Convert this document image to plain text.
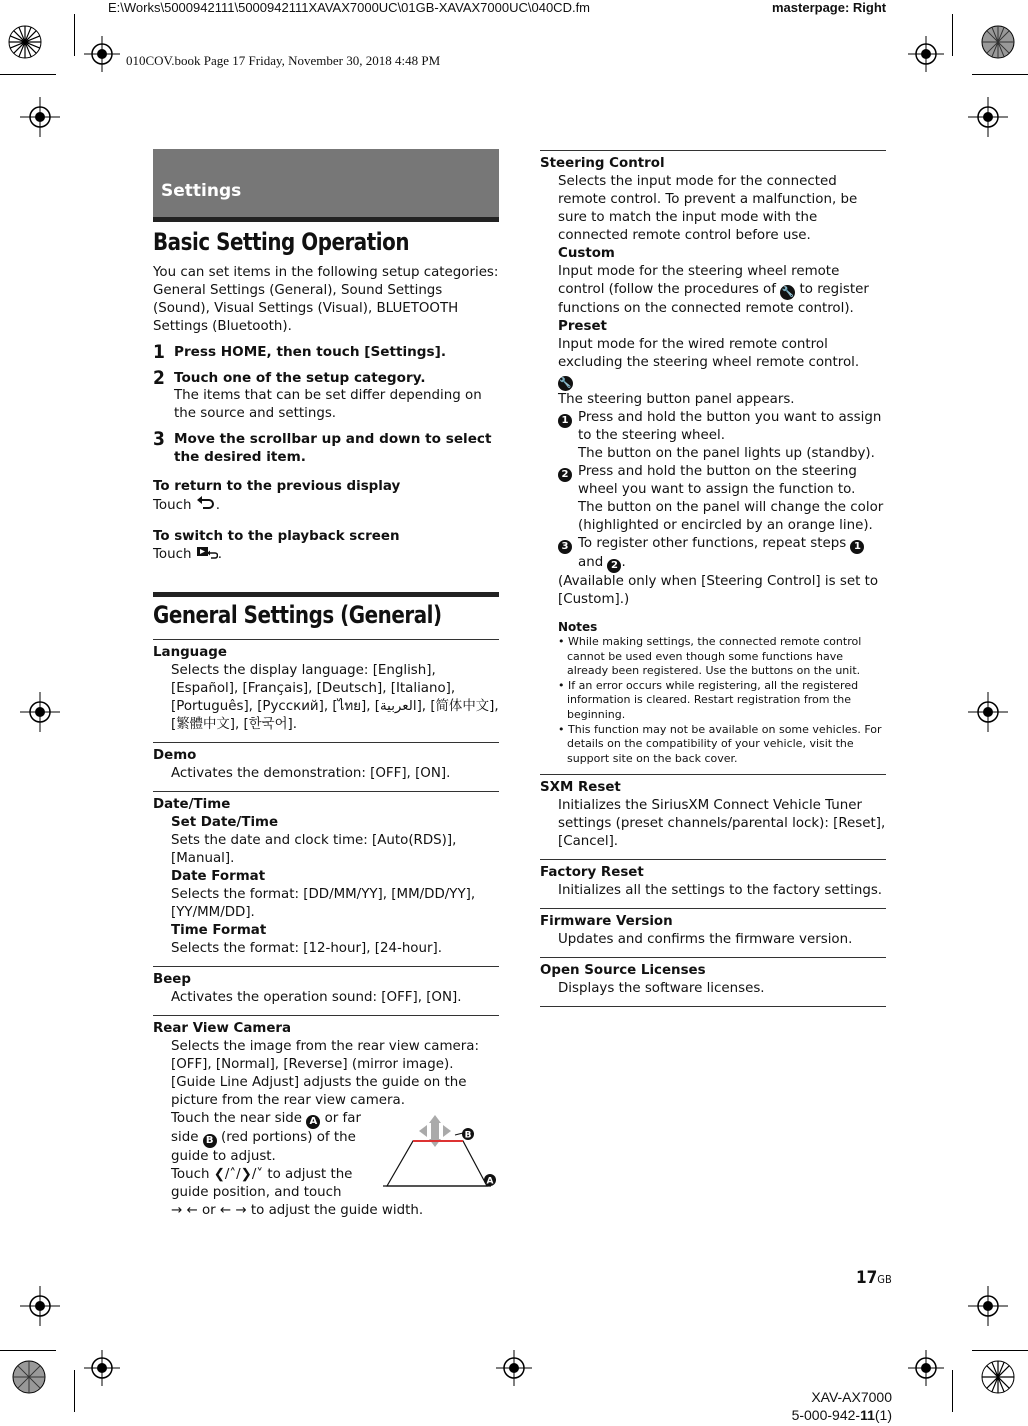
E:\Works\5000942111\5000942111XAVAX7000UC\01GB-XAVAX7000UC\040CD.fm	masterpage: Right
010COV.book Page 17 Friday, November 30, 2018 4:48 PM
Settings
Basic Setting Operation

You can set items in the following setup categories: General Settings (General), Sound Settings (Sound), Visual Settings (Visual), BLUETOOTH Settings (Bluetooth).

1 Press HOME, then touch [Settings].
2 Touch one of the setup category.
The items that can be set differ depending on the source and settings.
3 Move the scrollbar up and down to select the desired item.
To return to the previous display
Touch .
To switch to the playback screen
Touch .
General Settings (General)
Language
Selects the display language: [English], [Español], [Français], [Deutsch], [Italiano], [Português], [Русский], [ไทย], [العربية], [简体中文], [繁體中文], [한국어].
Demo
Activates the demonstration: [OFF], [ON].
Date/Time
Set Date/Time
Sets the date and clock time: [Auto(RDS)], [Manual].
Date Format
Selects the format: [DD/MM/YY], [MM/DD/YY], [YY/MM/DD].
Time Format
Selects the format: [12-hour], [24-hour].
Beep
Activates the operation sound: [OFF], [ON].
Rear View Camera
Selects the image from the rear view camera: [OFF], [Normal], [Reverse] (mirror image). [Guide Line Adjust] adjusts the guide on the picture from the rear view camera.
Touch the near side A or far side B (red portions) of the guide to adjust.
Touch ❮/˄/❯/˅ to adjust the guide position, and touch
→ ← or ← → to adjust the guide width.
B
A
Steering Control
Selects the input mode for the connected remote control. To prevent a malfunction, be sure to match the input mode with the connected remote control before use.
Custom
Input mode for the steering wheel remote control (follow the procedures of 🔧 to register functions on the connected remote control).
Preset
Input mode for the wired remote control excluding the steering wheel remote control.
🔧
The steering button panel appears.
1 Press and hold the button you want to assign to the steering wheel.
The button on the panel lights up (standby).
2 Press and hold the button on the steering wheel you want to assign the function to.
The button on the panel will change the color (highlighted or encircled by an orange line).
3 To register other functions, repeat steps 1
and 2 .
(Available only when [Steering Control] is set to [Custom].)
Notes
• While making settings, the connected remote control cannot be used even though some functions have already been registered. Use the buttons on the unit.
• If an error occurs while registering, all the registered information is cleared. Restart registration from the beginning.
• This function may not be available on some vehicles. For details on the compatibility of your vehicle, visit the support site on the back cover.
SXM Reset
Initializes the SiriusXM Connect Vehicle Tuner settings (preset channels/parental lock): [Reset], [Cancel].
Factory Reset
Initializes all the settings to the factory settings.
Firmware Version
Updates and confirms the firmware version.
Open Source Licenses
Displays the software licenses.
17GB
XAV-AX7000
5-000-942-11(1)
